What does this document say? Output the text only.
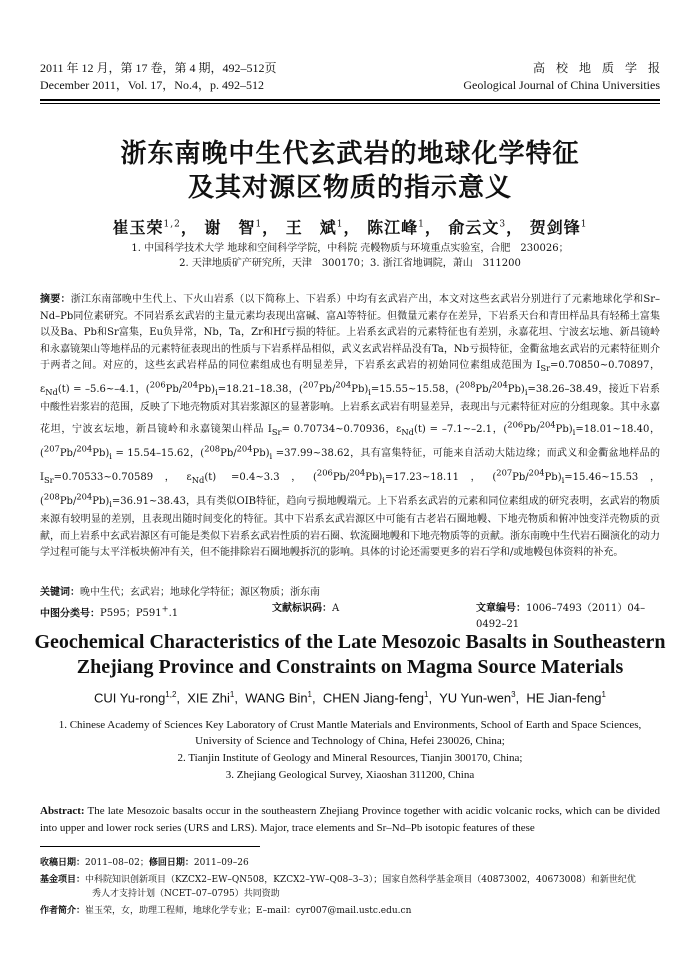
2011 年 12 月，第 17 卷，第 4 期，492–512页
December 2011，Vol. 17，No.4，p. 492–512
高校地质学报
Geological Journal of China Universities
浙东南晚中生代玄武岩的地球化学特征
及其对源区物质的指示意义
崔玉荣$^{1,2}$， 谢　智$^1$， 王　斌$^1$， 陈江峰$^1$， 俞云文$^3$， 贺剑锋$^1$
1. 中国科学技术大学 地球和空间科学学院，中科院 壳幔物质与环境重点实验室，合肥　230026；
2. 天津地质矿产研究所，天津　300170；3. 浙江省地调院，萧山　311200
摘要：浙江东南部晚中生代上、下火山岩系（以下简称上、下岩系）中均有玄武岩产出，本文对这些玄武岩分别进行了元素地球化学和Sr–Nd–Pb同位素研究。不同岩系玄武岩的主量元素均表现出富碱、富Al等特征。但微量元素存在差异，下岩系天台和青田样品具有轻稀土富集以及Ba、Pb和Sr富集，Eu负异常，Nb，Ta，Zr和Hf亏损的特征。上岩系玄武岩的元素特征也有差别，永嘉花坦、宁波玄坛地、新昌镜岭和永嘉镜架山等地样品的元素特征表现出的性质与下岩系样品相似，武义玄武岩样品没有Ta，Nb亏损特征，金衢盆地玄武岩的元素特征则介于两者之间。对应的，这些玄武岩样品的同位素组成也有明显差异，下岩系玄武岩的初始同位素组成范围为 $I_{Sr}=0.70850\sim 0.70897$，$\varepsilon_{Nd}(t)$ = –5.6~–4.1，$(^{206}Pb/^{204}Pb)_i=18.21-18.38$，$(^{207}Pb/^{204}Pb)_i=15.55\sim 15.58$，$(^{208}Pb/^{204}Pb)_i=38.26-38.49$，接近下岩系中酸性岩浆岩的范围，反映了下地壳物质对其岩浆源区的显著影响。上岩系玄武岩有明显差异，表现出与元素特征对应的分组现象。其中永嘉花坦，宁波玄坛地，新昌镜岭和永嘉镜架山样品 $I_{Sr}=$ 0.70734~0.70936，$\varepsilon_{Nd}(t)$ = –7.1~–2.1，$(^{206}Pb/^{204}Pb)_i=18.01\sim 18.40$，$(^{207}Pb/^{204}Pb)_i = 15.54-15.62$，$(^{208}Pb/^{204}Pb)_i$ =37.99~38.62，具有富集特征，可能来自活动大陆边缘；而武义和金衢盆地样品的 $I_{Sr}=0.70533\sim 0.70589$，$\varepsilon_{Nd}(t)$ =0.4~3.3，$(^{206}Pb/^{204}Pb)_i=17.23\sim 18.11$，$(^{207}Pb/^{204}Pb)_i=15.46\sim 15.53$，$(^{208}Pb/^{204}Pb)_i=36.91\sim 38.43$，具有类似OIB特征，趋向亏损地幔端元。上下岩系玄武岩的元素和同位素组成的研究表明，玄武岩的物质来源有较明显的差别，且表现出随时间变化的特征。其中下岩系玄武岩源区中可能有古老岩石圈地幔、下地壳物质和俯冲蚀变洋壳物质的贡献，而上岩系中玄武岩源区有可能是类似下岩系玄武岩性质的岩石圈、软流圈地幔和下地壳物质等的贡献。浙东南晚中生代岩石圈演化的动力学过程可能与太平洋板块俯冲有关，但不能排除岩石圈地幔拆沉的影响。具体的讨论还需要更多的岩石学和/或地幔包体资料的补充。
关键词：晚中生代；玄武岩；地球化学特征；源区物质；浙东南
中图分类号：P595；P591+.1	文献标识码：A	文章编号：1006–7493（2011）04–0492–21
Geochemical Characteristics of the Late Mesozoic Basalts in Southeastern
Zhejiang Province and Constraints on Magma Source Materials
CUI Yu-rong$^{1,2}$,  XIE Zhi$^1$,  WANG Bin$^1$,  CHEN Jiang-feng$^1$,  YU Yun-wen$^3$,  HE Jian-feng$^1$
1. Chinese Academy of Sciences Key Laboratory of Crust Mantle Materials and Environments, School of Earth and Space Sciences,
University of Science and Technology of China, Hefei 230026, China;
2. Tianjin Institute of Geology and Mineral Resources, Tianjin 300170, China;
3. Zhejiang Geological Survey, Xiaoshan 311200, China
Abstract: The late Mesozoic basalts occur in the southeastern Zhejiang Province together with acidic volcanic rocks, which can be divided into upper and lower rock series (URS and LRS). Major, trace elements and Sr–Nd–Pb isotopic features of these
收稿日期：2011–08–02；修回日期：2011–09–26
基金项目：中科院知识创新项目（KZCX2–EW–QN508，KZCX2–YW–Q08–3–3）；国家自然科学基金项目（40873002，40673008）和新世纪优
秀人才支持计划（NCET–07–0795）共同资助
作者简介：崔玉荣，女，助理工程师，地球化学专业；E–mail：cyr007@mail.ustc.edu.cn
